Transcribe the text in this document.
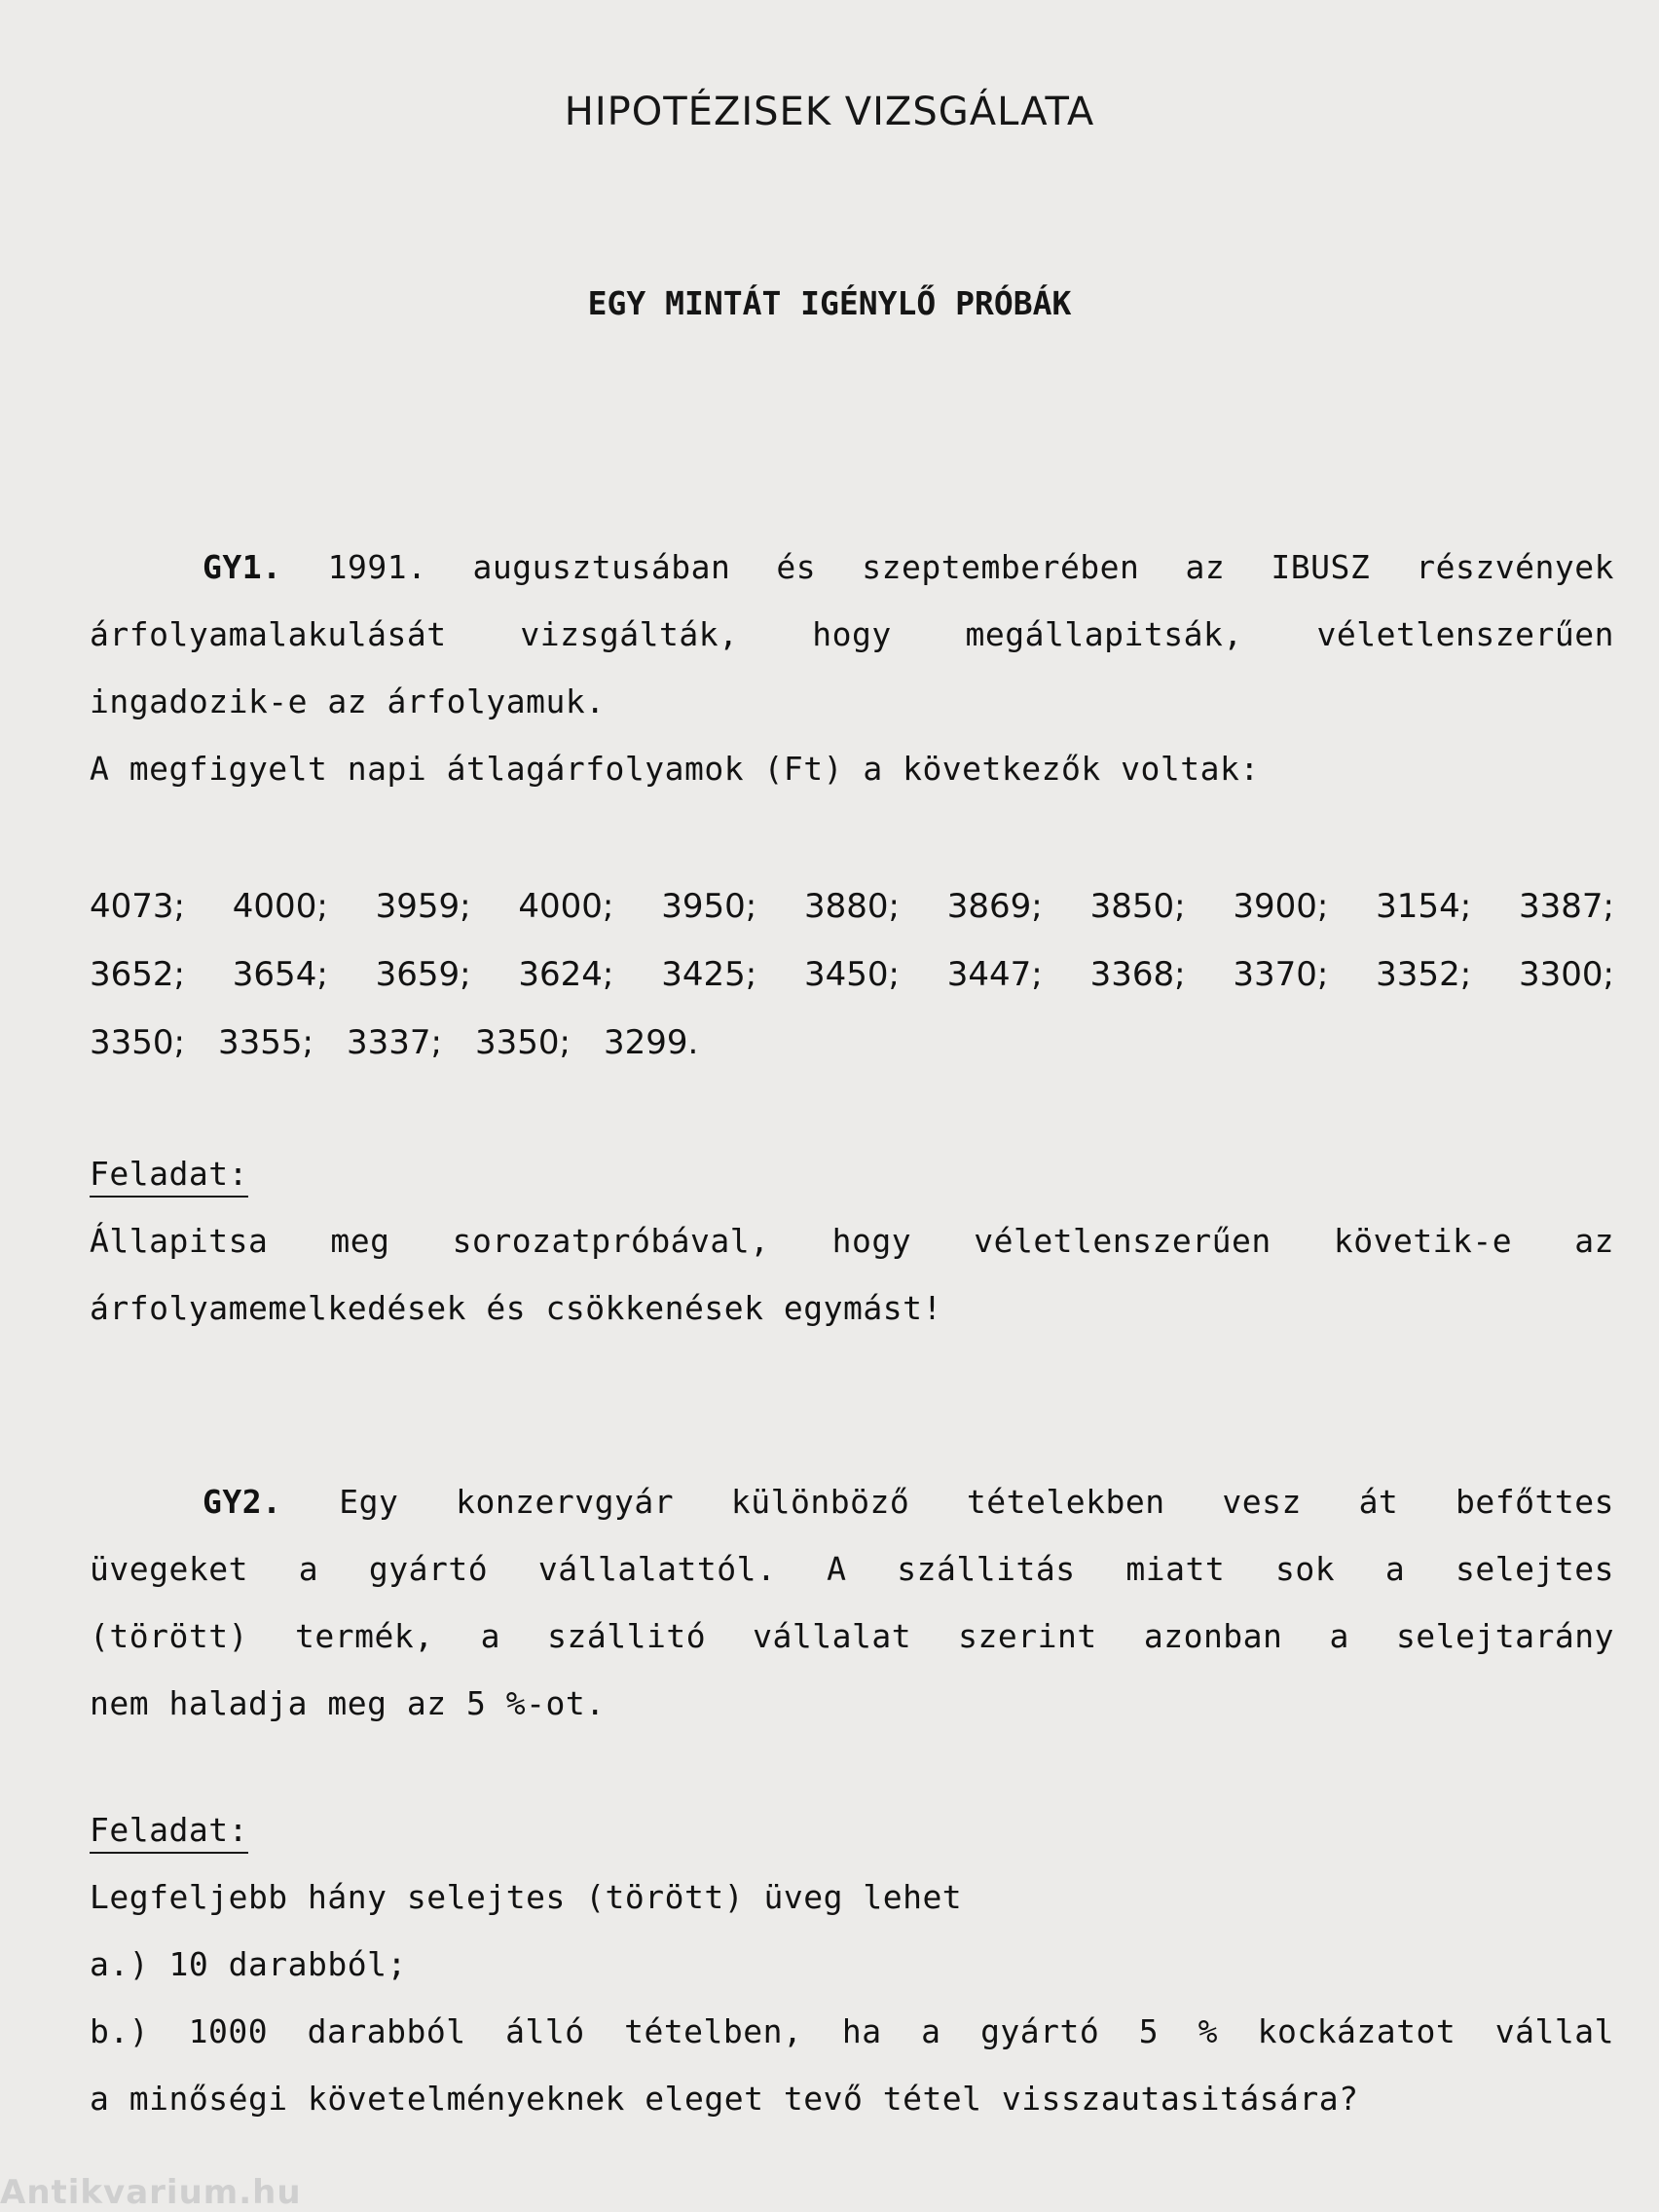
HIPOTÉZISEK VIZSGÁLATA
EGY MINTÁT IGÉNYLŐ PRÓBÁK
GY1. 1991. augusztusában és szeptemberében az IBUSZ részvények
árfolyamalakulását vizsgálták, hogy megállapitsák, véletlenszerűen
ingadozik-e az árfolyamuk.
A megfigyelt napi átlagárfolyamok (Ft) a következők voltak:
4073; 4000; 3959; 4000; 3950; 3880; 3869; 3850; 3900; 3154; 3387;
3652; 3654; 3659; 3624; 3425; 3450; 3447; 3368; 3370; 3352; 3300;
3350; 3355; 3337; 3350; 3299.
Feladat:
Állapitsa meg sorozatpróbával, hogy véletlenszerűen követik-e az
árfolyamemelkedések és csökkenések egymást!
GY2. Egy konzervgyár különböző tételekben vesz át befőttes
üvegeket a gyártó vállalattól. A szállitás miatt sok a selejtes
(törött) termék, a szállitó vállalat szerint azonban a selejtarány
nem haladja meg az 5 %-ot.
Feladat:
Legfeljebb hány selejtes (törött) üveg lehet
a.) 10 darabból;
b.) 1000 darabból álló tételben, ha a gyártó 5 % kockázatot vállal
a minőségi követelményeknek eleget tevő tétel visszautasitására?
Antikvarium.hu
